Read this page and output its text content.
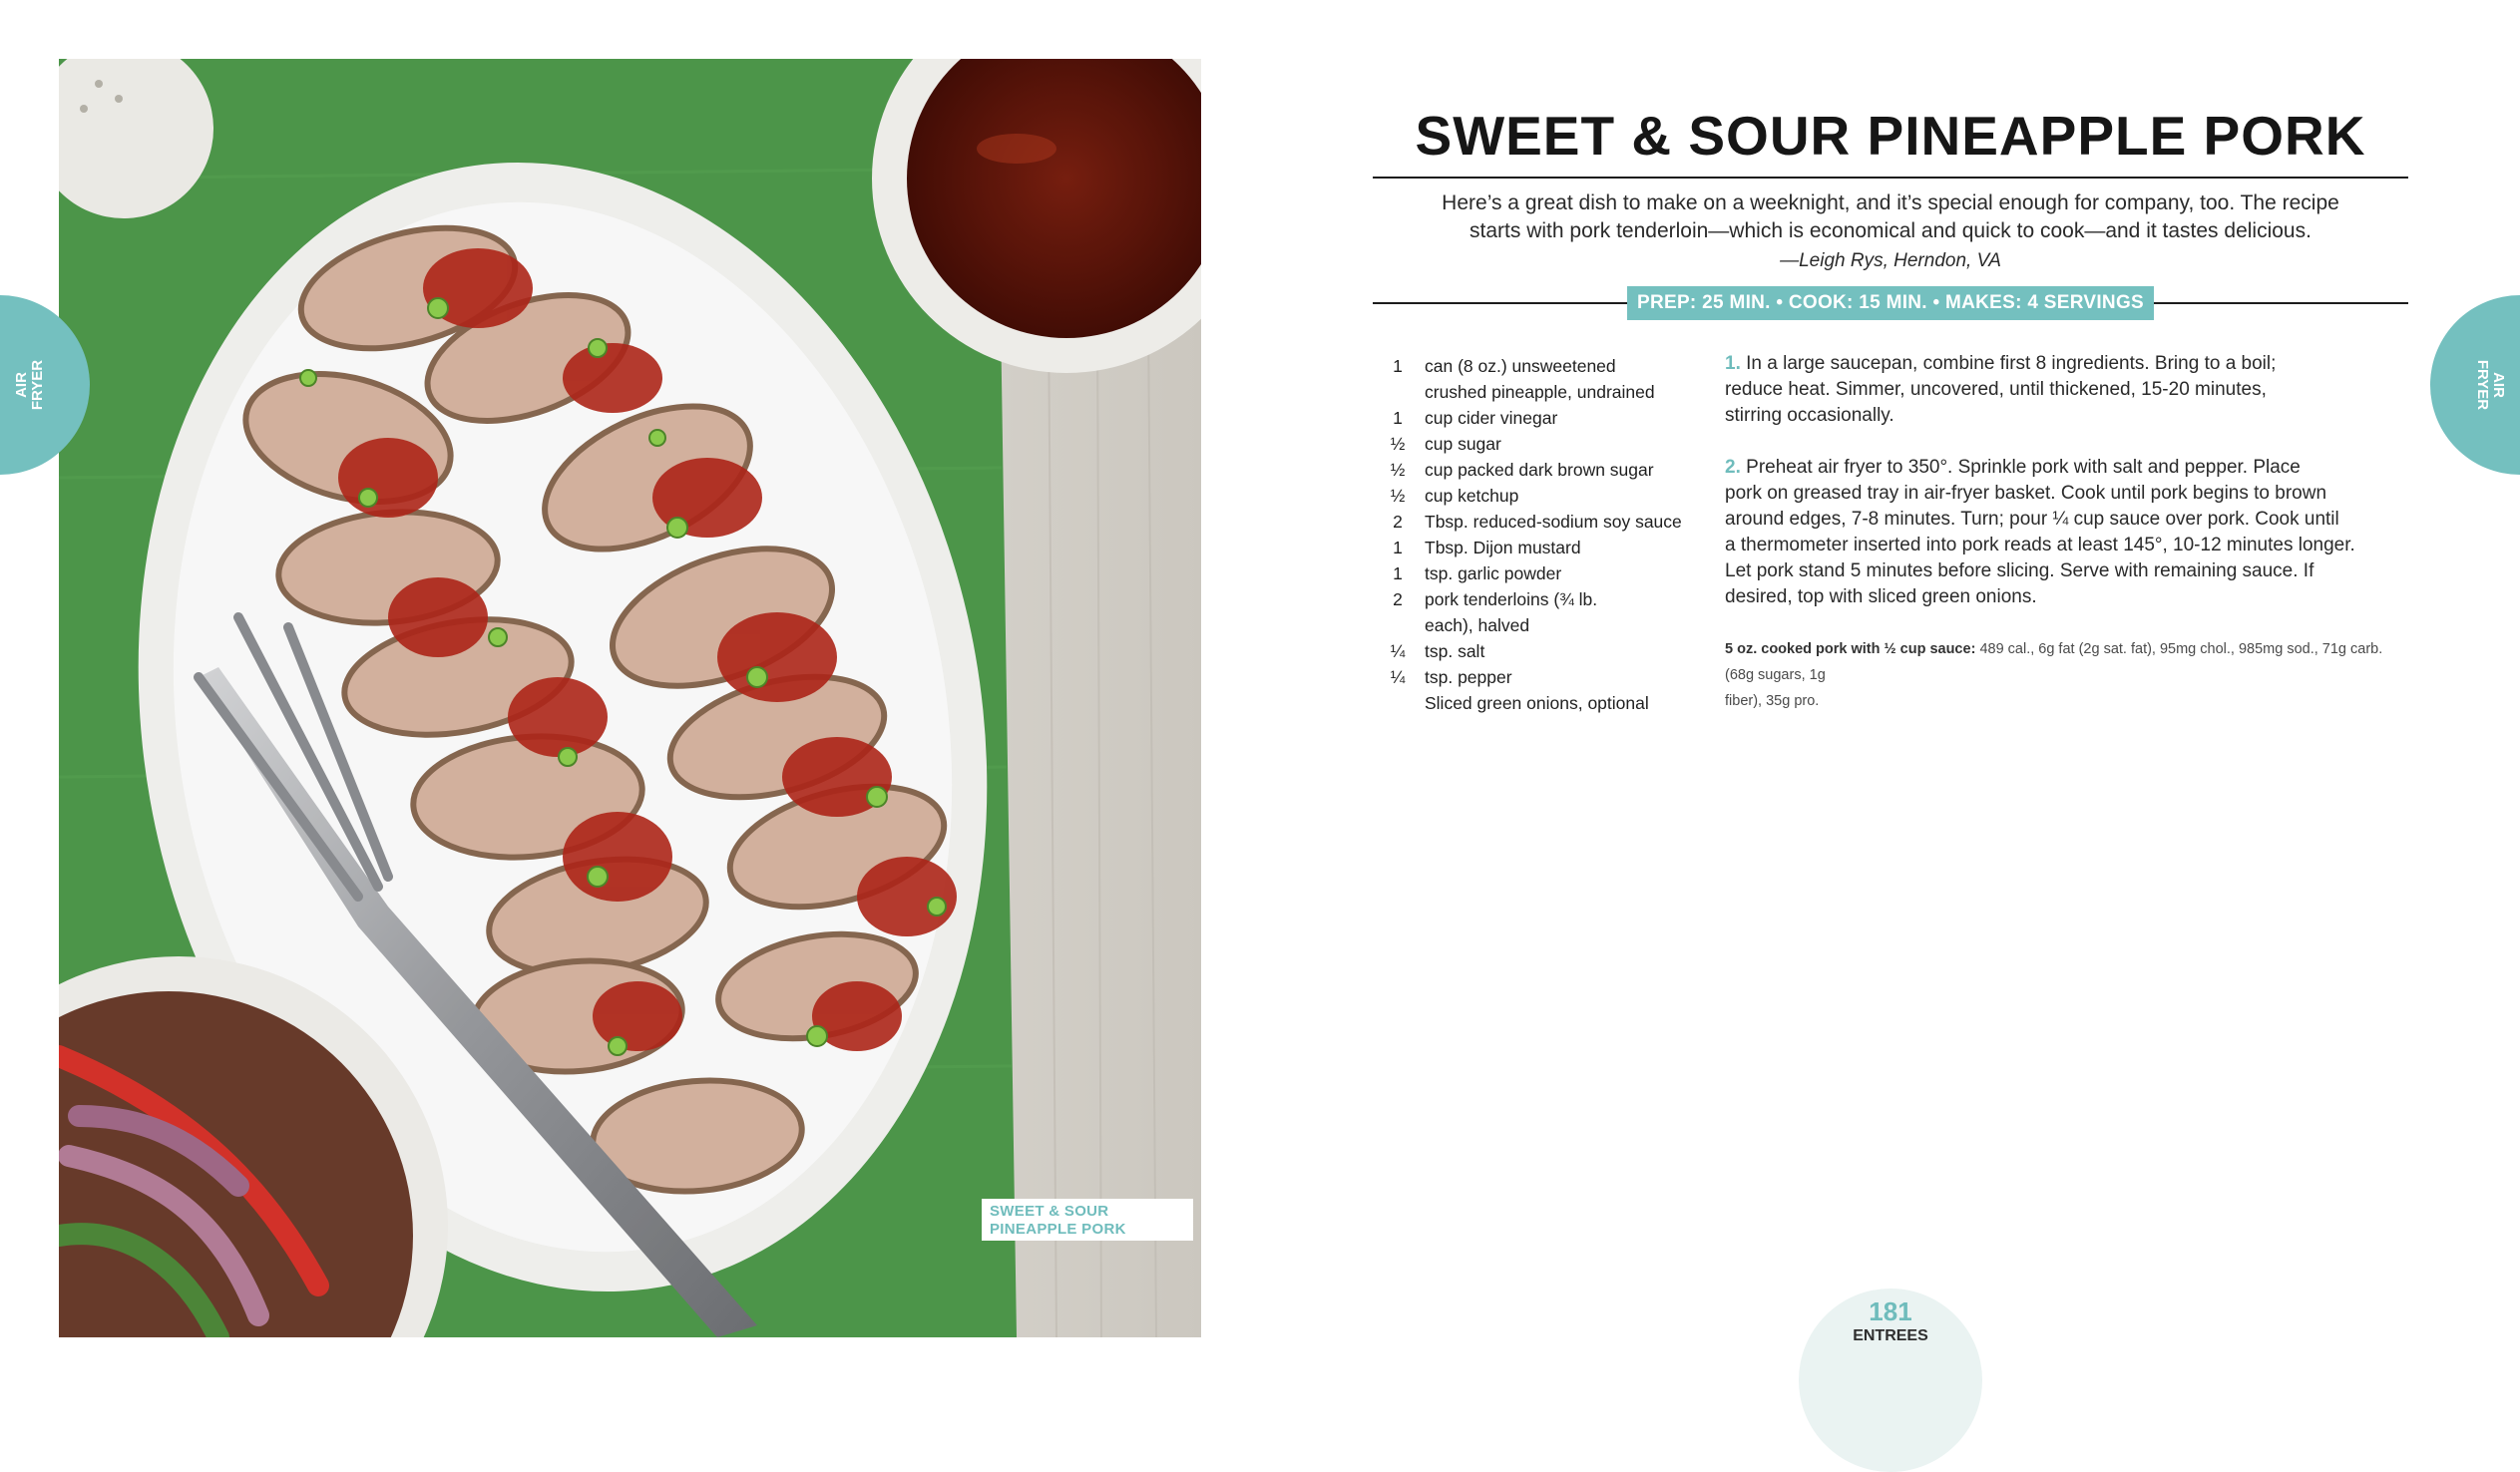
SWEET & SOUR
PINEAPPLE PORK
AIR FRYER	AIR
FRYER
SWEET & SOUR PINEAPPLE PORK

Here’s a great dish to make on a weeknight, and it’s special enough for company, too. The recipe

starts with pork tenderloin—which is economical and quick to cook—and it tastes delicious.

—Leigh Rys, Herndon, VA
PREP: 25 MIN. • COOK: 15 MIN. • MAKES: 4 SERVINGS
1	can (8 oz.) unsweetened
crushed pineapple, undrained
1	cup cider vinegar
½	cup sugar
½	cup packed dark brown sugar
½	cup ketchup
2	Tbsp. reduced-sodium soy sauce
1	Tbsp. Dijon mustard
1	tsp. garlic powder
2	pork tenderloins (¾ lb.
each), halved
¼	tsp. salt
¼	tsp. pepper
Sliced green onions, optional
1. In a large saucepan, combine first 8 ingredients. Bring to a boil;
reduce heat. Simmer, uncovered, until thickened, 15-20 minutes,
stirring occasionally.
2. Preheat air fryer to 350°. Sprinkle pork with salt and pepper. Place
pork on greased tray in air-fryer basket. Cook until pork begins to brown
around edges, 7-8 minutes. Turn; pour ¼ cup sauce over pork. Cook until
a thermometer inserted into pork reads at least 145°, 10-12 minutes longer.
Let pork stand 5 minutes before slicing. Serve with remaining sauce. If
desired, top with sliced green onions.
5 oz. cooked pork with ½ cup sauce: 489 cal., 6g fat (2g sat. fat), 95mg chol., 985mg sod., 71g carb. (68g sugars, 1g
fiber), 35g pro.
181
ENTREES
